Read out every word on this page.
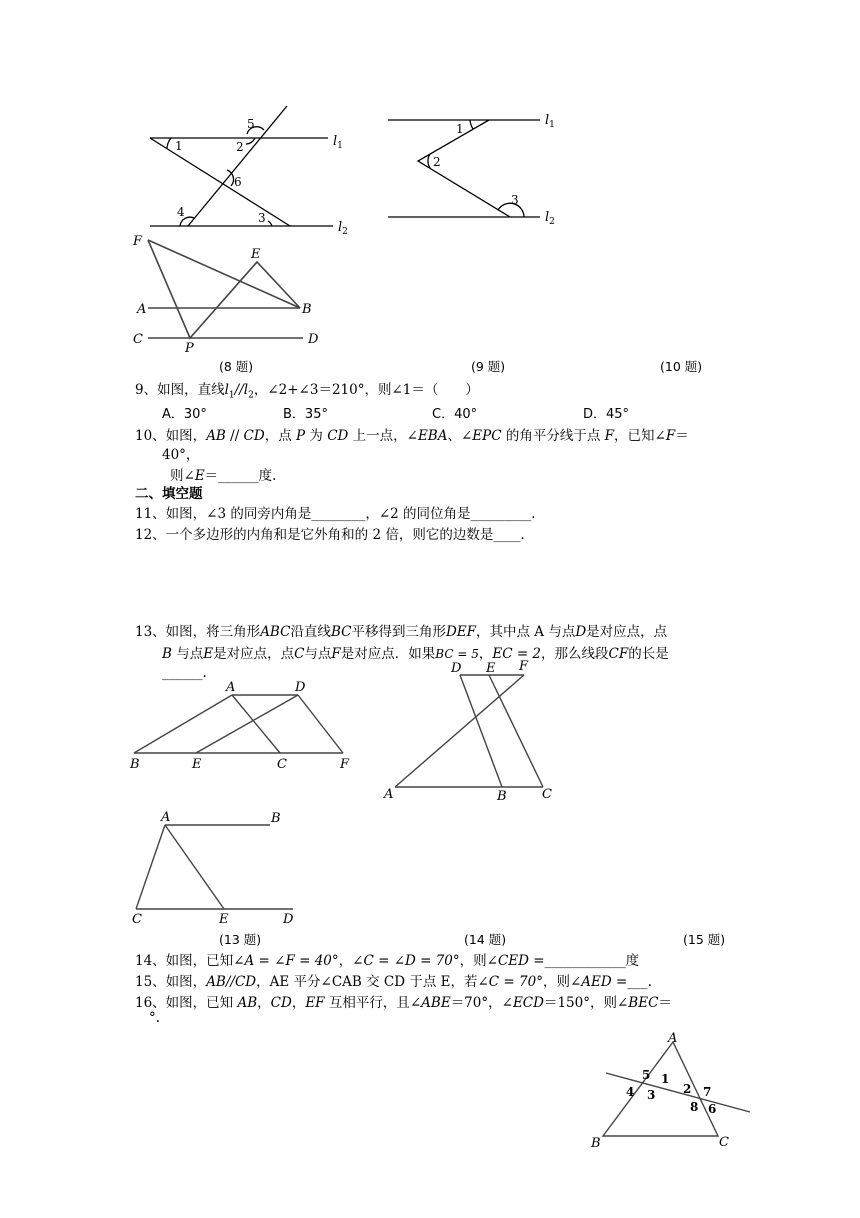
1	2
5
6
4	3
$l_1$
$l_2$
1
2
3
$l_1$
$l_2$
F
E
A	B
C
P
D
(8 题)	(9 题)	(10 题)
9、如图，直线$l_1//l_2$，∠2+∠3＝210°，则∠1＝（　　）
A．30°	B．35°	C．40°	D．45°
10、如图，AB // CD，点 P 为 CD 上一点，∠EBA、∠EPC 的角平分线于点 F，已知∠F＝
40°，
则∠E＝______度.
二、填空题
11、如图，∠3 的同旁内角是________，∠2 的同位角是_________.
12、一个多边形的内角和是它外角和的 2 倍，则它的边数是____.
13、如图，将三角形ABC沿直线BC平移得到三角形DEF，其中点 A 与点D是对应点，点
B 与点E是对应点，点C与点F是对应点．如果BC = 5，EC = 2，那么线段CF的长是
______.
A	D
B	E	C	F
D E F
A	B	C
A	B
C	E	D
(13 题)	(14 题)	(15 题)
14、如图，已知∠A = ∠F = 40°，∠C = ∠D = 70°，则∠CED =____________度
15、如图，AB//CD，AE 平分∠CAB 交 CD 于点 E，若∠C = 70°，则∠AED =___.
16、如图，已知 AB，CD，EF 互相平行，且∠ABE＝70°，∠ECD＝150°，则∠BEC＝
°.
A
B	C
1
2
3
4
5
6
7
8
